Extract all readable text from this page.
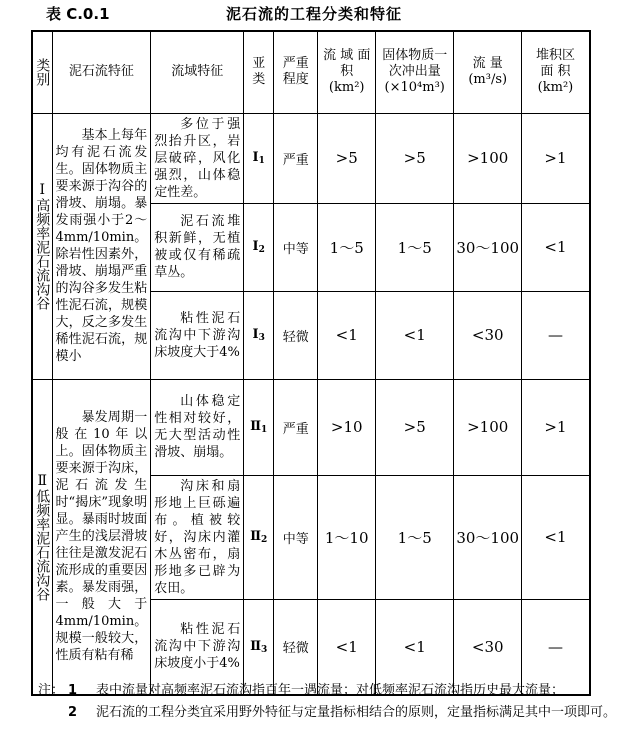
表 C.0.1	泥石流的工程分类和特征
类别	泥石流特征	流域特征	亚类	严重程度	流 域 面 积 (km²)	固体物质一次冲出量 (×10⁴m³)	流 量 (m³/s)	堆积区 面 积 (km²)

Ⅰ高频率泥石流沟谷	基本上每年均有泥石流发生。固体物质主要来源于沟谷的滑坡、崩塌。暴发雨强小于2～4mm/10min。除岩性因素外，滑坡、崩塌严重的沟谷多发生粘性泥石流，规模大，反之多发生稀性泥石流，规模小	多位于强烈抬升区，岩层破碎，风化强烈，山体稳定性差。	Ⅰ1	严重	>5	>5	>100	>1

		泥石流堆积新鲜，无植被或仅有稀疏草丛。	Ⅰ2	中等	1～5	1～5	30～100	<1

		粘性泥石流沟中下游沟床坡度大于4%	Ⅰ3	轻微	<1	<1	<30	—

Ⅱ低频率泥石流沟谷	暴发周期一般在10年以上。固体物质主要来源于沟床，泥石流发生时“揭床”现象明显。暴雨时坡面产生的浅层滑坡往往是激发泥石流形成的重要因素。暴发雨强，一般大于4mm/10min。规模一般较大，性质有粘有稀	山体稳定性相对较好，无大型活动性滑坡、崩塌。	Ⅱ1	严重	>10	>5	>100	>1

		沟床和扇形地上巨砾遍布。植被较好，沟床内灌木丛密布，扇形地多已辟为农田。	Ⅱ2	中等	1～10	1～5	30～100	<1

		粘性泥石流沟中下游沟床坡度小于4%	Ⅱ3	轻微	<1	<1	<30	—
注： 1 表中流量对高频率泥石流沟指百年一遇流量；对低频率泥石流沟指历史最大流量；
2 泥石流的工程分类宜采用野外特征与定量指标相结合的原则，定量指标满足其中一项即可。
